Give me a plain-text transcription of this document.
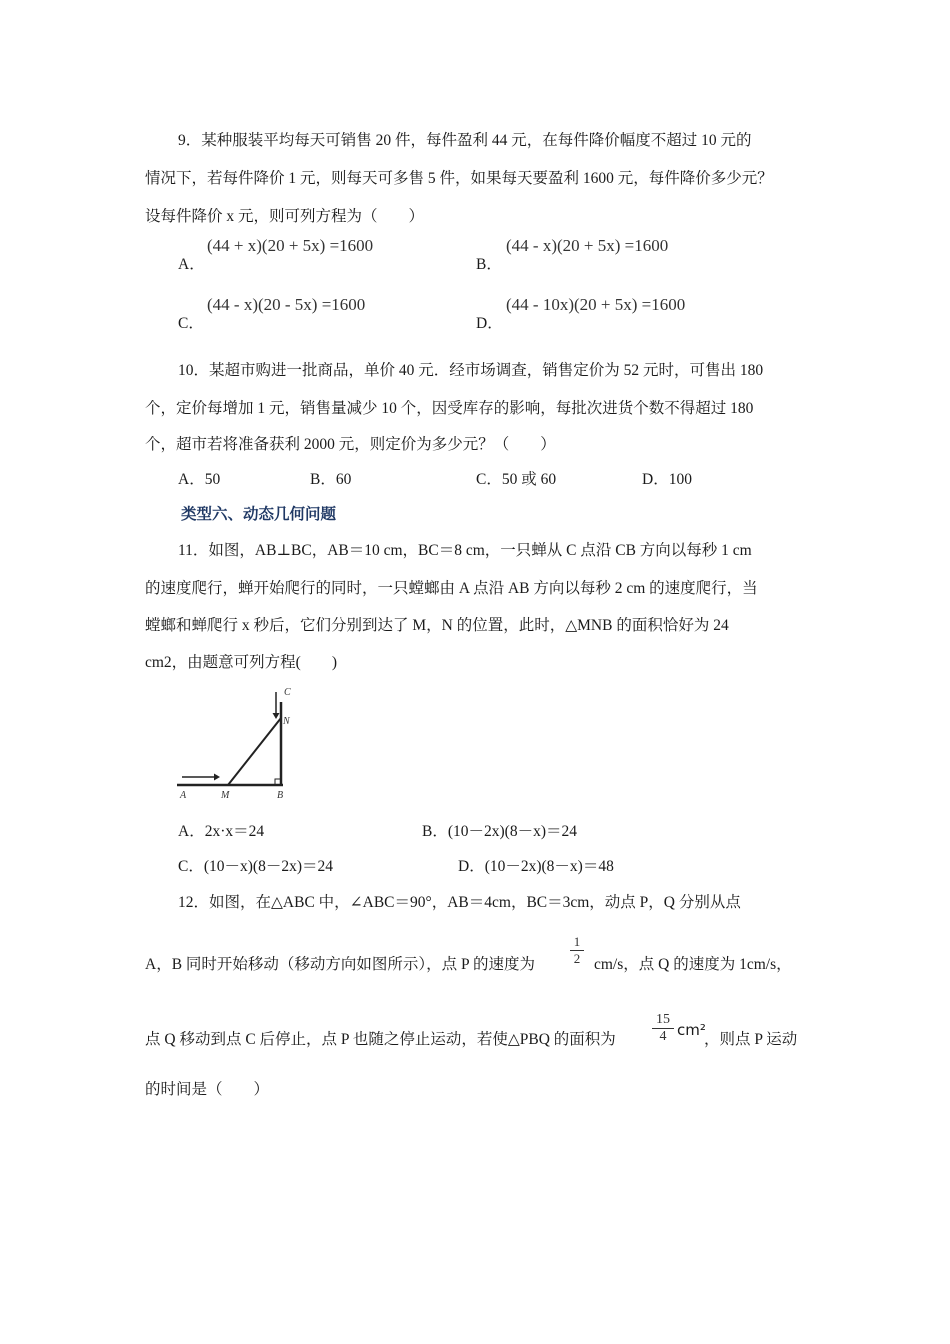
9．某种服装平均每天可销售 20 件，每件盈利 44 元，在每件降价幅度不超过 10 元的
情况下，若每件降价 1 元，则每天可多售 5 件，如果每天要盈利 1600 元，每件降价多少元？
设每件降价 x 元，则可列方程为（　　）
A．
(44 + x)(20 + 5x) =1600
B．
(44 - x)(20 + 5x) =1600
C．
(44 - x)(20 - 5x) =1600
D．
(44 - 10x)(20 + 5x) =1600
10．某超市购进一批商品，单价 40 元．经市场调查，销售定价为 52 元时，可售出 180
个，定价每增加 1 元，销售量减少 10 个，因受库存的影响，每批次进货个数不得超过 180
个，超市若将准备获利 2000 元，则定价为多少元？（　　）
A．50	B．60	C．50 或 60	D．100
类型六、动态几何问题
11．如图，AB⊥BC，AB＝10 cm，BC＝8 cm，一只蝉从 C 点沿 CB 方向以每秒 1 cm
的速度爬行，蝉开始爬行的同时，一只螳螂由 A 点沿 AB 方向以每秒 2 cm 的速度爬行，当
螳螂和蝉爬行 x 秒后，它们分别到达了 M，N 的位置，此时，△MNB 的面积恰好为 24
cm2，由题意可列方程(　　)
A	M	B
N
C
A．2x·x＝24	B．(10－2x)(8－x)＝24
C．(10－x)(8－2x)＝24	D．(10－2x)(8－x)＝48
12．如图，在△ABC 中，∠ABC＝90°，AB＝4cm，BC＝3cm，动点 P，Q 分别从点
A，B 同时开始移动（移动方向如图所示），点 P 的速度为	$\frac{1}{2} cm/s$，点 Q 的速度为 1cm/s，
点 Q 移动到点 C 后停止，点 P 也随之停止运动，若使△PBQ 的面积为	$\frac{15}{4} cm^2$
，则点 P 运动
的时间是（　　）
